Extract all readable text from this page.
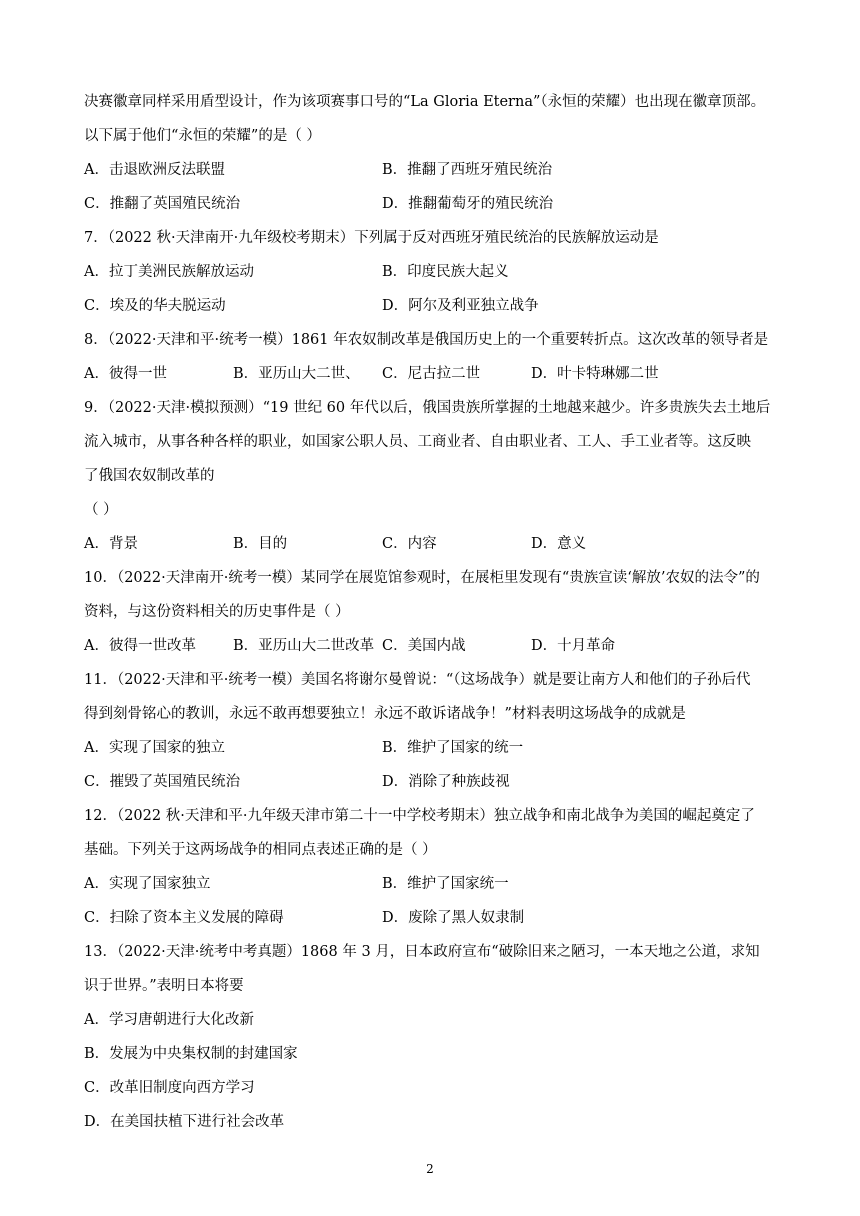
决赛徽章同样采用盾型设计，作为该项赛事口号的“La Gloria Eterna”（永恒的荣耀）也出现在徽章顶部。
以下属于他们“永恒的荣耀”的是（ ）
A．击退欧洲反法联盟	B．推翻了西班牙殖民统治
C．推翻了英国殖民统治	D．推翻葡萄牙的殖民统治
7．（2022 秋·天津南开·九年级校考期末）下列属于反对西班牙殖民统治的民族解放运动是
A．拉丁美洲民族解放运动	B．印度民族大起义
C．埃及的华夫脱运动	D．阿尔及利亚独立战争
8．（2022·天津和平·统考一模）1861 年农奴制改革是俄国历史上的一个重要转折点。这次改革的领导者是
A．彼得一世	B．亚历山大二世、	C．尼古拉二世	D．叶卡特琳娜二世
9．（2022·天津·模拟预测）“19 世纪 60 年代以后，俄国贵族所掌握的土地越来越少。许多贵族失去土地后
流入城市，从事各种各样的职业，如国家公职人员、工商业者、自由职业者、工人、手工业者等。这反映
了俄国农奴制改革的
（ ）
A．背景	B．目的	C．内容	D．意义
10．（2022·天津南开·统考一模）某同学在展览馆参观时，在展柜里发现有“贵族宣读‘解放’农奴的法令”的
资料，与这份资料相关的历史事件是（ ）
A．彼得一世改革	B．亚历山大二世改革 C．美国内战	D．十月革命
11．（2022·天津和平·统考一模）美国名将谢尔曼曾说：“（这场战争）就是要让南方人和他们的子孙后代
得到刻骨铭心的教训，永远不敢再想要独立！永远不敢诉诸战争！”材料表明这场战争的成就是
A．实现了国家的独立	B．维护了国家的统一
C．摧毁了英国殖民统治	D．消除了种族歧视
12．（2022 秋·天津和平·九年级天津市第二十一中学校考期末）独立战争和南北战争为美国的崛起奠定了
基础。下列关于这两场战争的相同点表述正确的是（ ）
A．实现了国家独立	B．维护了国家统一
C．扫除了资本主义发展的障碍	D．废除了黑人奴隶制
13．（2022·天津·统考中考真题）1868 年 3 月，日本政府宣布“破除旧来之陋习，一本天地之公道，求知
识于世界。”表明日本将要
A．学习唐朝进行大化改新
B．发展为中央集权制的封建国家
C．改革旧制度向西方学习
D．在美国扶植下进行社会改革
2
